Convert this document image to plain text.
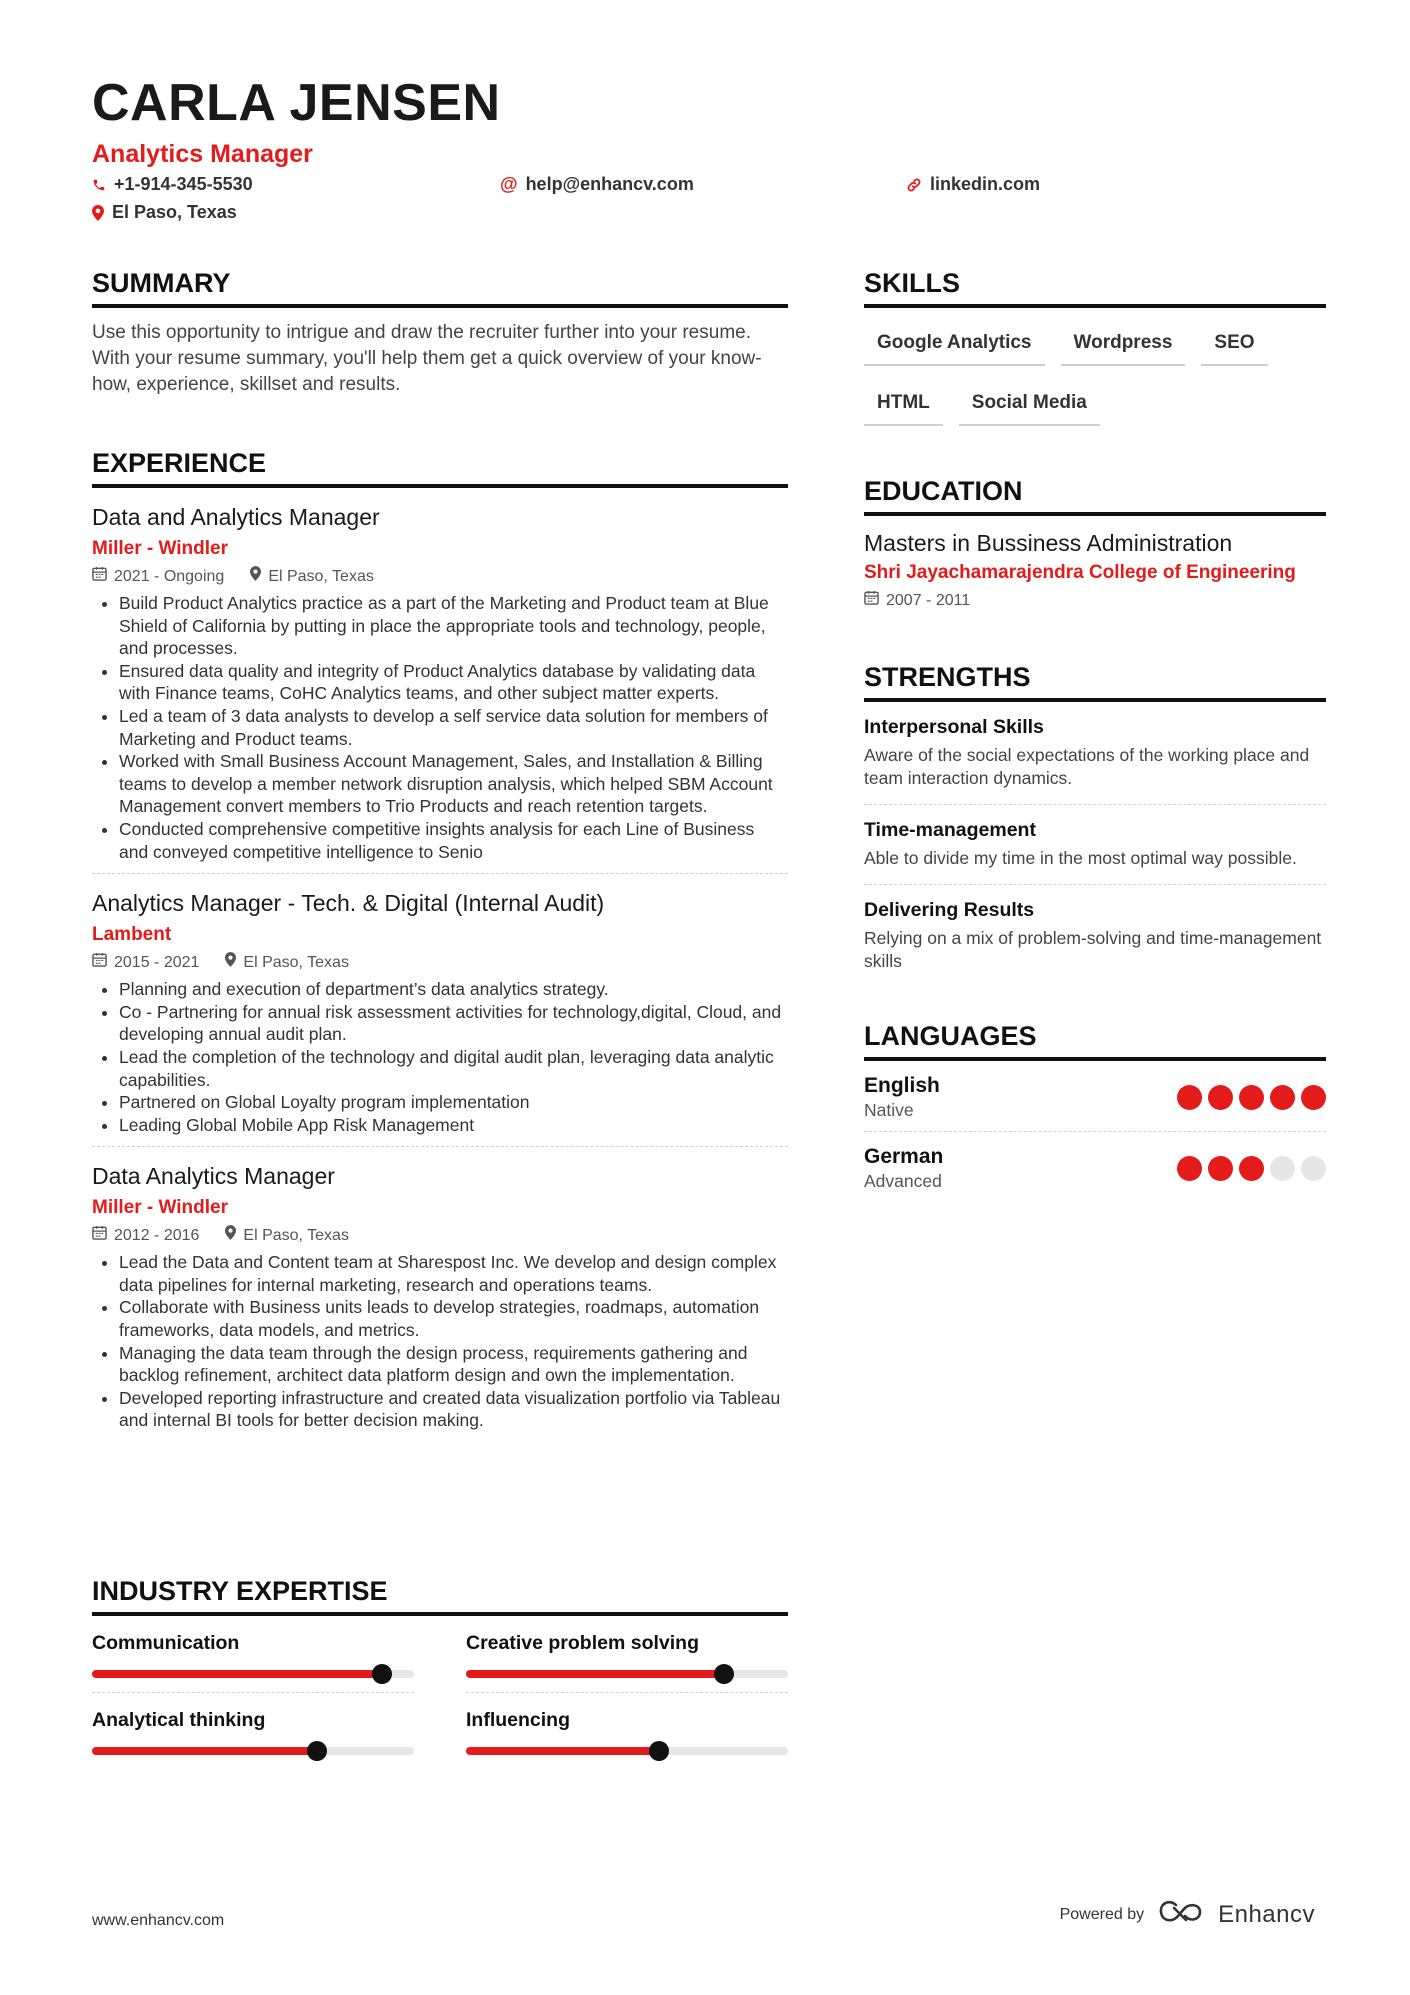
CARLA JENSEN
Analytics Manager
+1-914-345-5530	@ help@enhancv.com	linkedin.com
El Paso, Texas
SUMMARY
Use this opportunity to intrigue and draw the recruiter further into your resume. With your resume summary, you'll help them get a quick overview of your know-how, experience, skillset and results.
EXPERIENCE
Data and Analytics Manager
Miller - Windler
2021 - Ongoing	El Paso, Texas
• Build Product Analytics practice as a part of the Marketing and Product team at Blue Shield of California by putting in place the appropriate tools and technology, people, and processes.
• Ensured data quality and integrity of Product Analytics database by validating data with Finance teams, CoHC Analytics teams, and other subject matter experts.
• Led a team of 3 data analysts to develop a self service data solution for members of Marketing and Product teams.
• Worked with Small Business Account Management, Sales, and Installation & Billing teams to develop a member network disruption analysis, which helped SBM Account Management convert members to Trio Products and reach retention targets.
• Conducted comprehensive competitive insights analysis for each Line of Business and conveyed competitive intelligence to Senio
Analytics Manager - Tech. & Digital (Internal Audit)
Lambent
2015 - 2021	El Paso, Texas
• Planning and execution of department’s data analytics strategy.
• Co - Partnering for annual risk assessment activities for technology,digital, Cloud, and developing annual audit plan.
• Lead the completion of the technology and digital audit plan, leveraging data analytic capabilities.
• Partnered on Global Loyalty program implementation
• Leading Global Mobile App Risk Management
Data Analytics Manager
Miller - Windler
2012 - 2016	El Paso, Texas
• Lead the Data and Content team at Sharespost Inc. We develop and design complex data pipelines for internal marketing, research and operations teams.
• Collaborate with Business units leads to develop strategies, roadmaps, automation frameworks, data models, and metrics.
• Managing the data team through the design process, requirements gathering and backlog refinement, architect data platform design and own the implementation.
• Developed reporting infrastructure and created data visualization portfolio via Tableau and internal BI tools for better decision making.
INDUSTRY EXPERTISE
Communication	Creative problem solving
Analytical thinking	Influencing
SKILLS
Google Analytics	Wordpress	SEO
HTML	Social Media
EDUCATION
Masters in Bussiness Administration
Shri Jayachamarajendra College of Engineering
2007 - 2011
STRENGTHS
Interpersonal Skills
Aware of the social expectations of the working place and team interaction dynamics.
Time-management
Able to divide my time in the most optimal way possible.
Delivering Results
Relying on a mix of problem-solving and time-management skills
LANGUAGES
English
Native
German
Advanced
www.enhancv.com	Powered by	Enhancv
